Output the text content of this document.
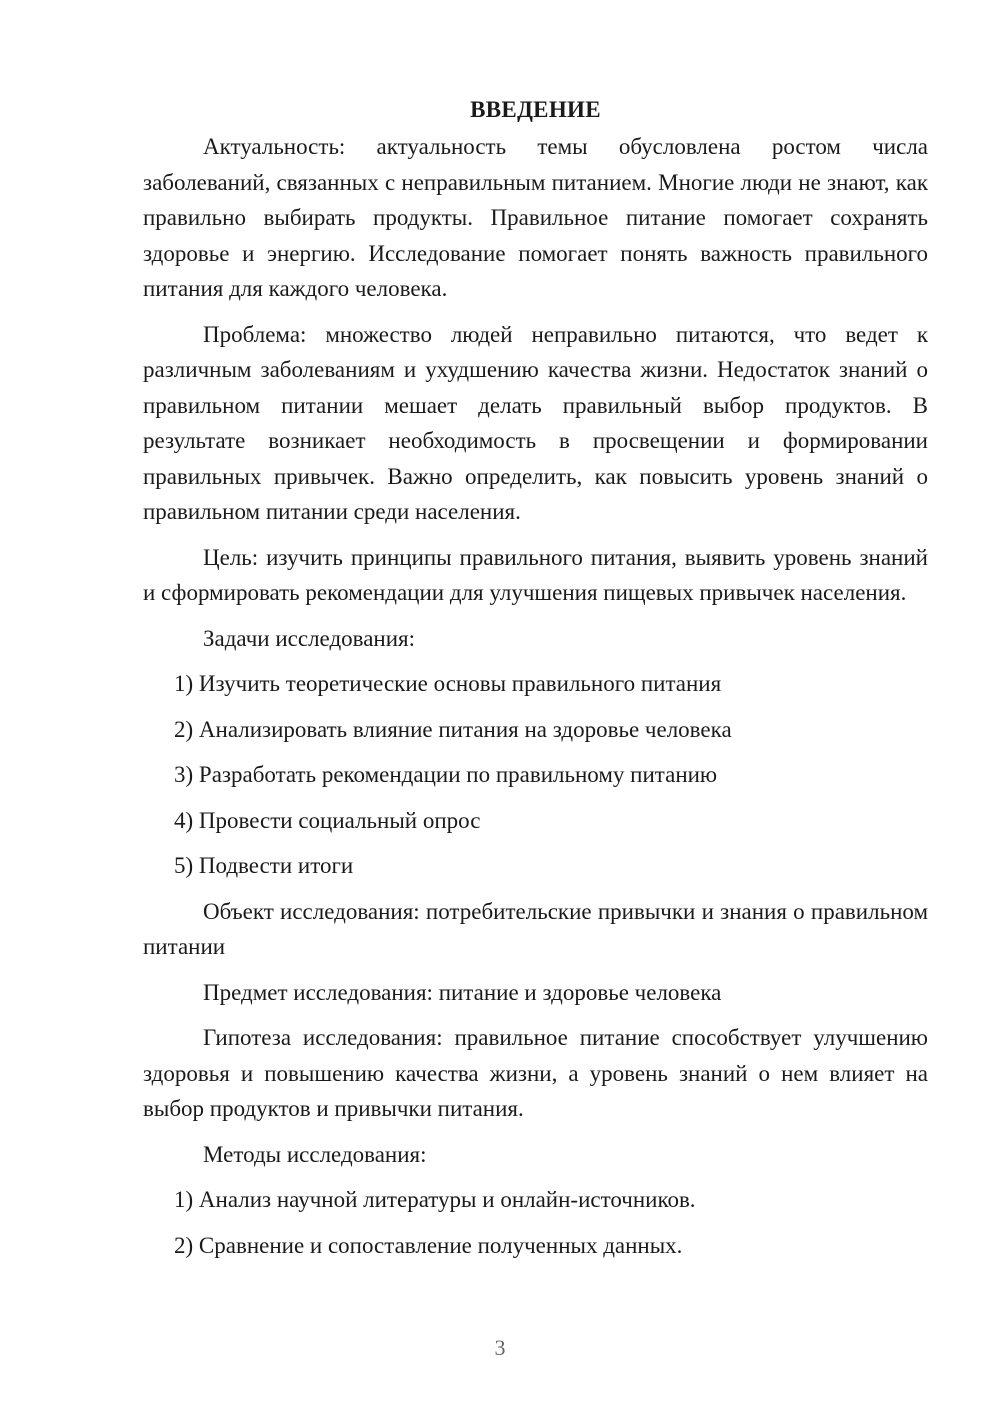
ВВЕДЕНИЕ

Актуальность: актуальность темы обусловлена ростом числа заболеваний, связанных с неправильным питанием. Многие люди не знают, как правильно выбирать продукты. Правильное питание помогает сохранять здоровье и энергию. Исследование помогает понять важность правильного питания для каждого человека.

Проблема: множество людей неправильно питаются, что ведет к различным заболеваниям и ухудшению качества жизни. Недостаток знаний о правильном питании мешает делать правильный выбор продуктов. В результате возникает необходимость в просвещении и формировании правильных привычек. Важно определить, как повысить уровень знаний о правильном питании среди населения.

Цель: изучить принципы правильного питания, выявить уровень знаний и сформировать рекомендации для улучшения пищевых привычек населения.

Задачи исследования:

1) Изучить теоретические основы правильного питания
2) Анализировать влияние питания на здоровье человека
3) Разработать рекомендации по правильному питанию
4) Провести социальный опрос
5) Подвести итоги

Объект исследования: потребительские привычки и знания о правильном питании

Предмет исследования: питание и здоровье человека

Гипотеза исследования: правильное питание способствует улучшению здоровья и повышению качества жизни, а уровень знаний о нем влияет на выбор продуктов и привычки питания.

Методы исследования:

1) Анализ научной литературы и онлайн-источников.
2) Сравнение и сопоставление полученных данных.
3
